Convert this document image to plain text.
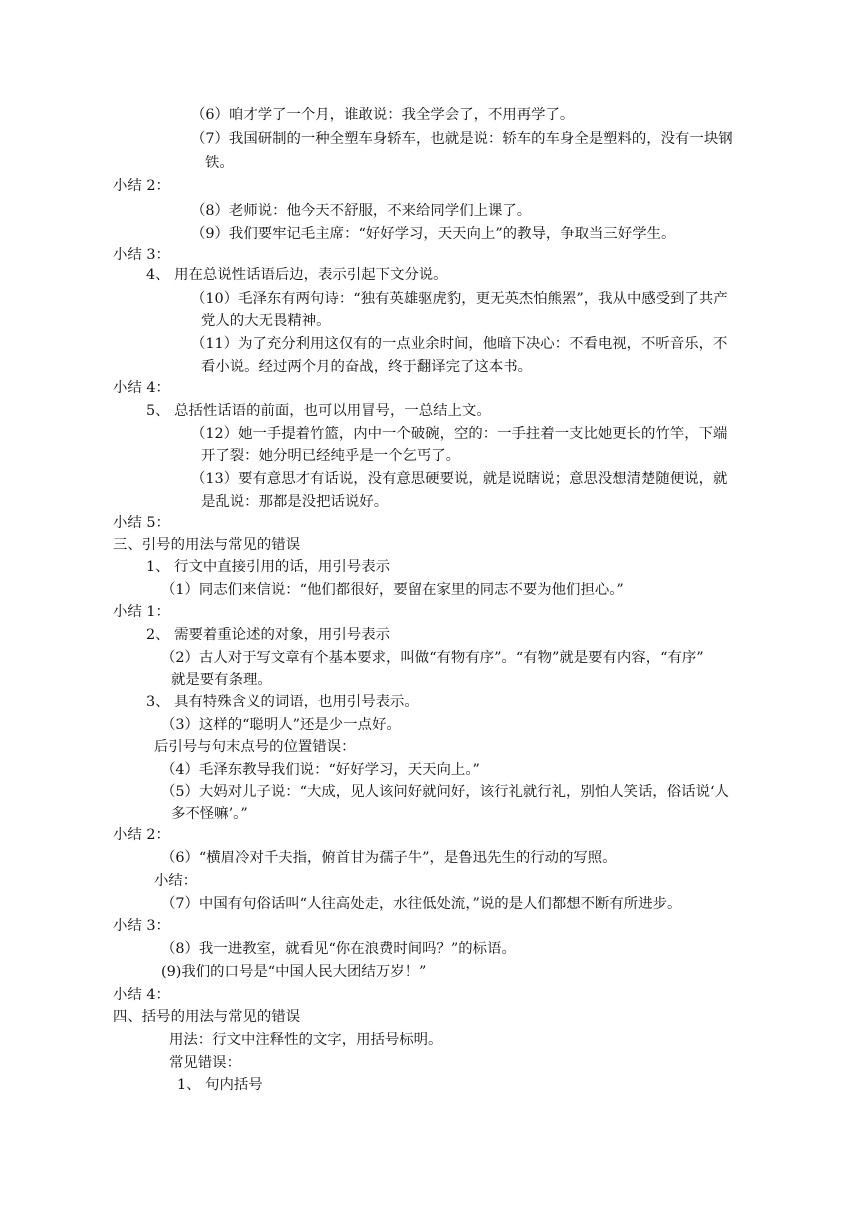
（6）咱才学了一个月，谁敢说：我全学会了，不用再学了。
（7）我国研制的一种全塑车身轿车，也就是说：轿车的车身全是塑料的，没有一块钢
铁。
小结 2：
（8）老师说：他今天不舒服，不来给同学们上课了。
（9）我们要牢记毛主席：“好好学习，天天向上”的教导，争取当三好学生。
小结 3：
4、 用在总说性话语后边，表示引起下文分说。
（10）毛泽东有两句诗：“独有英雄驱虎豹，更无英杰怕熊罴”，我从中感受到了共产
党人的大无畏精神。
（11）为了充分利用这仅有的一点业余时间，他暗下决心：不看电视，不听音乐，不
看小说。经过两个月的奋战，终于翻译完了这本书。
小结 4：
5、 总括性话语的前面，也可以用冒号，一总结上文。
（12）她一手提着竹篮，内中一个破碗，空的：一手拄着一支比她更长的竹竿，下端
开了裂：她分明已经纯乎是一个乞丐了。
（13）要有意思才有话说，没有意思硬要说，就是说瞎说；意思没想清楚随便说，就
是乱说：那都是没把话说好。
小结 5：
三、引号的用法与常见的错误
1、 行文中直接引用的话，用引号表示
（1）同志们来信说：“他们都很好，要留在家里的同志不要为他们担心。”
小结 1：
2、 需要着重论述的对象，用引号表示
（2）古人对于写文章有个基本要求，叫做“有物有序”。“有物”就是要有内容，“有序”
就是要有条理。
3、 具有特殊含义的词语，也用引号表示。
（3）这样的“聪明人”还是少一点好。
后引号与句末点号的位置错误：
（4）毛泽东教导我们说：“好好学习，天天向上。”
（5）大妈对儿子说：“大成，见人该问好就问好，该行礼就行礼，别怕人笑话，俗话说‘人
多不怪嘛’。”
小结 2：
（6）“横眉冷对千夫指，俯首甘为孺子牛”，是鲁迅先生的行动的写照。
小结：
（7）中国有句俗话叫“人往高处走，水往低处流，”说的是人们都想不断有所进步。
小结 3：
（8）我一进教室，就看见“你在浪费时间吗？”的标语。
(9)我们的口号是“中国人民大团结万岁！”
小结 4：
四、括号的用法与常见的错误
用法：行文中注释性的文字，用括号标明。
常见错误：
1、 句内括号
